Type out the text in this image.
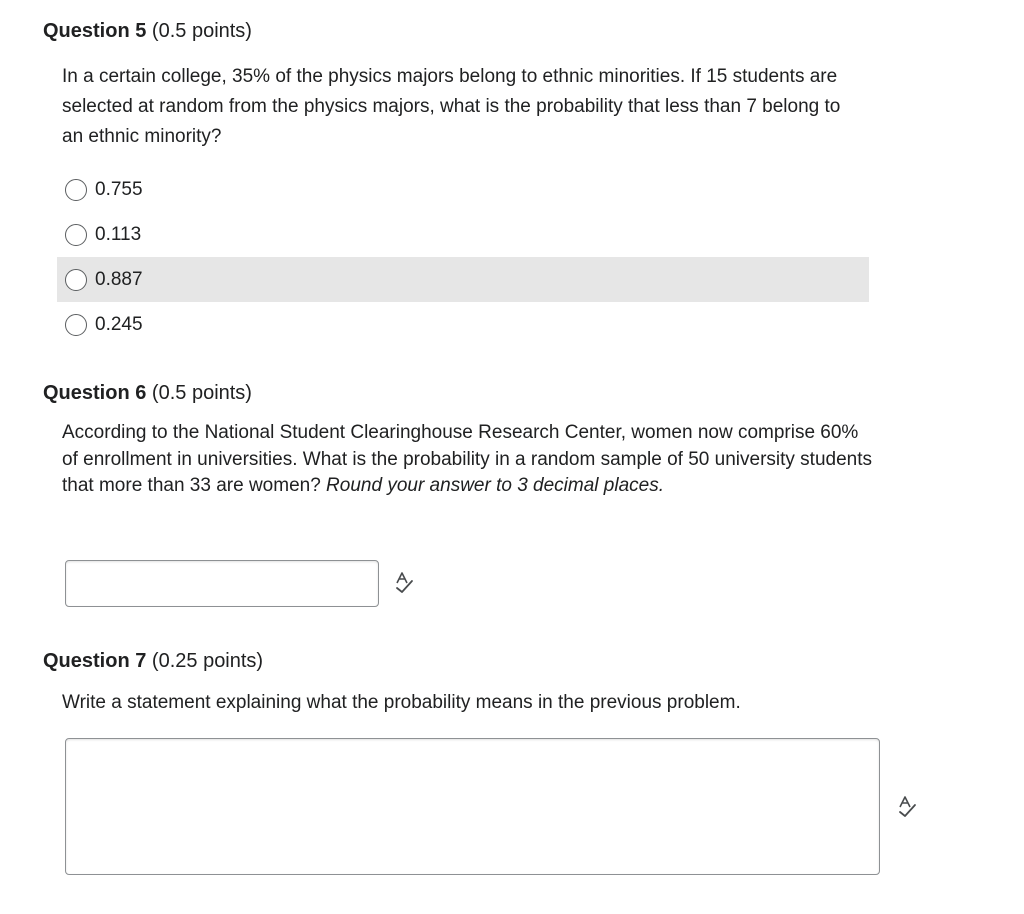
Question 5 (0.5 points)

In a certain college, 35% of the physics majors belong to ethnic minorities. If 15 students are selected at random from the physics majors, what is the probability that less than 7 belong to an ethnic minority?
0.755
0.113
0.887
0.245

Question 6 (0.5 points)

According to the National Student Clearinghouse Research Center, women now comprise 60% of enrollment in universities. What is the probability in a random sample of 50 university students that more than 33 are women? Round your answer to 3 decimal places.

Question 7 (0.25 points)

Write a statement explaining what the probability means in the previous problem.
